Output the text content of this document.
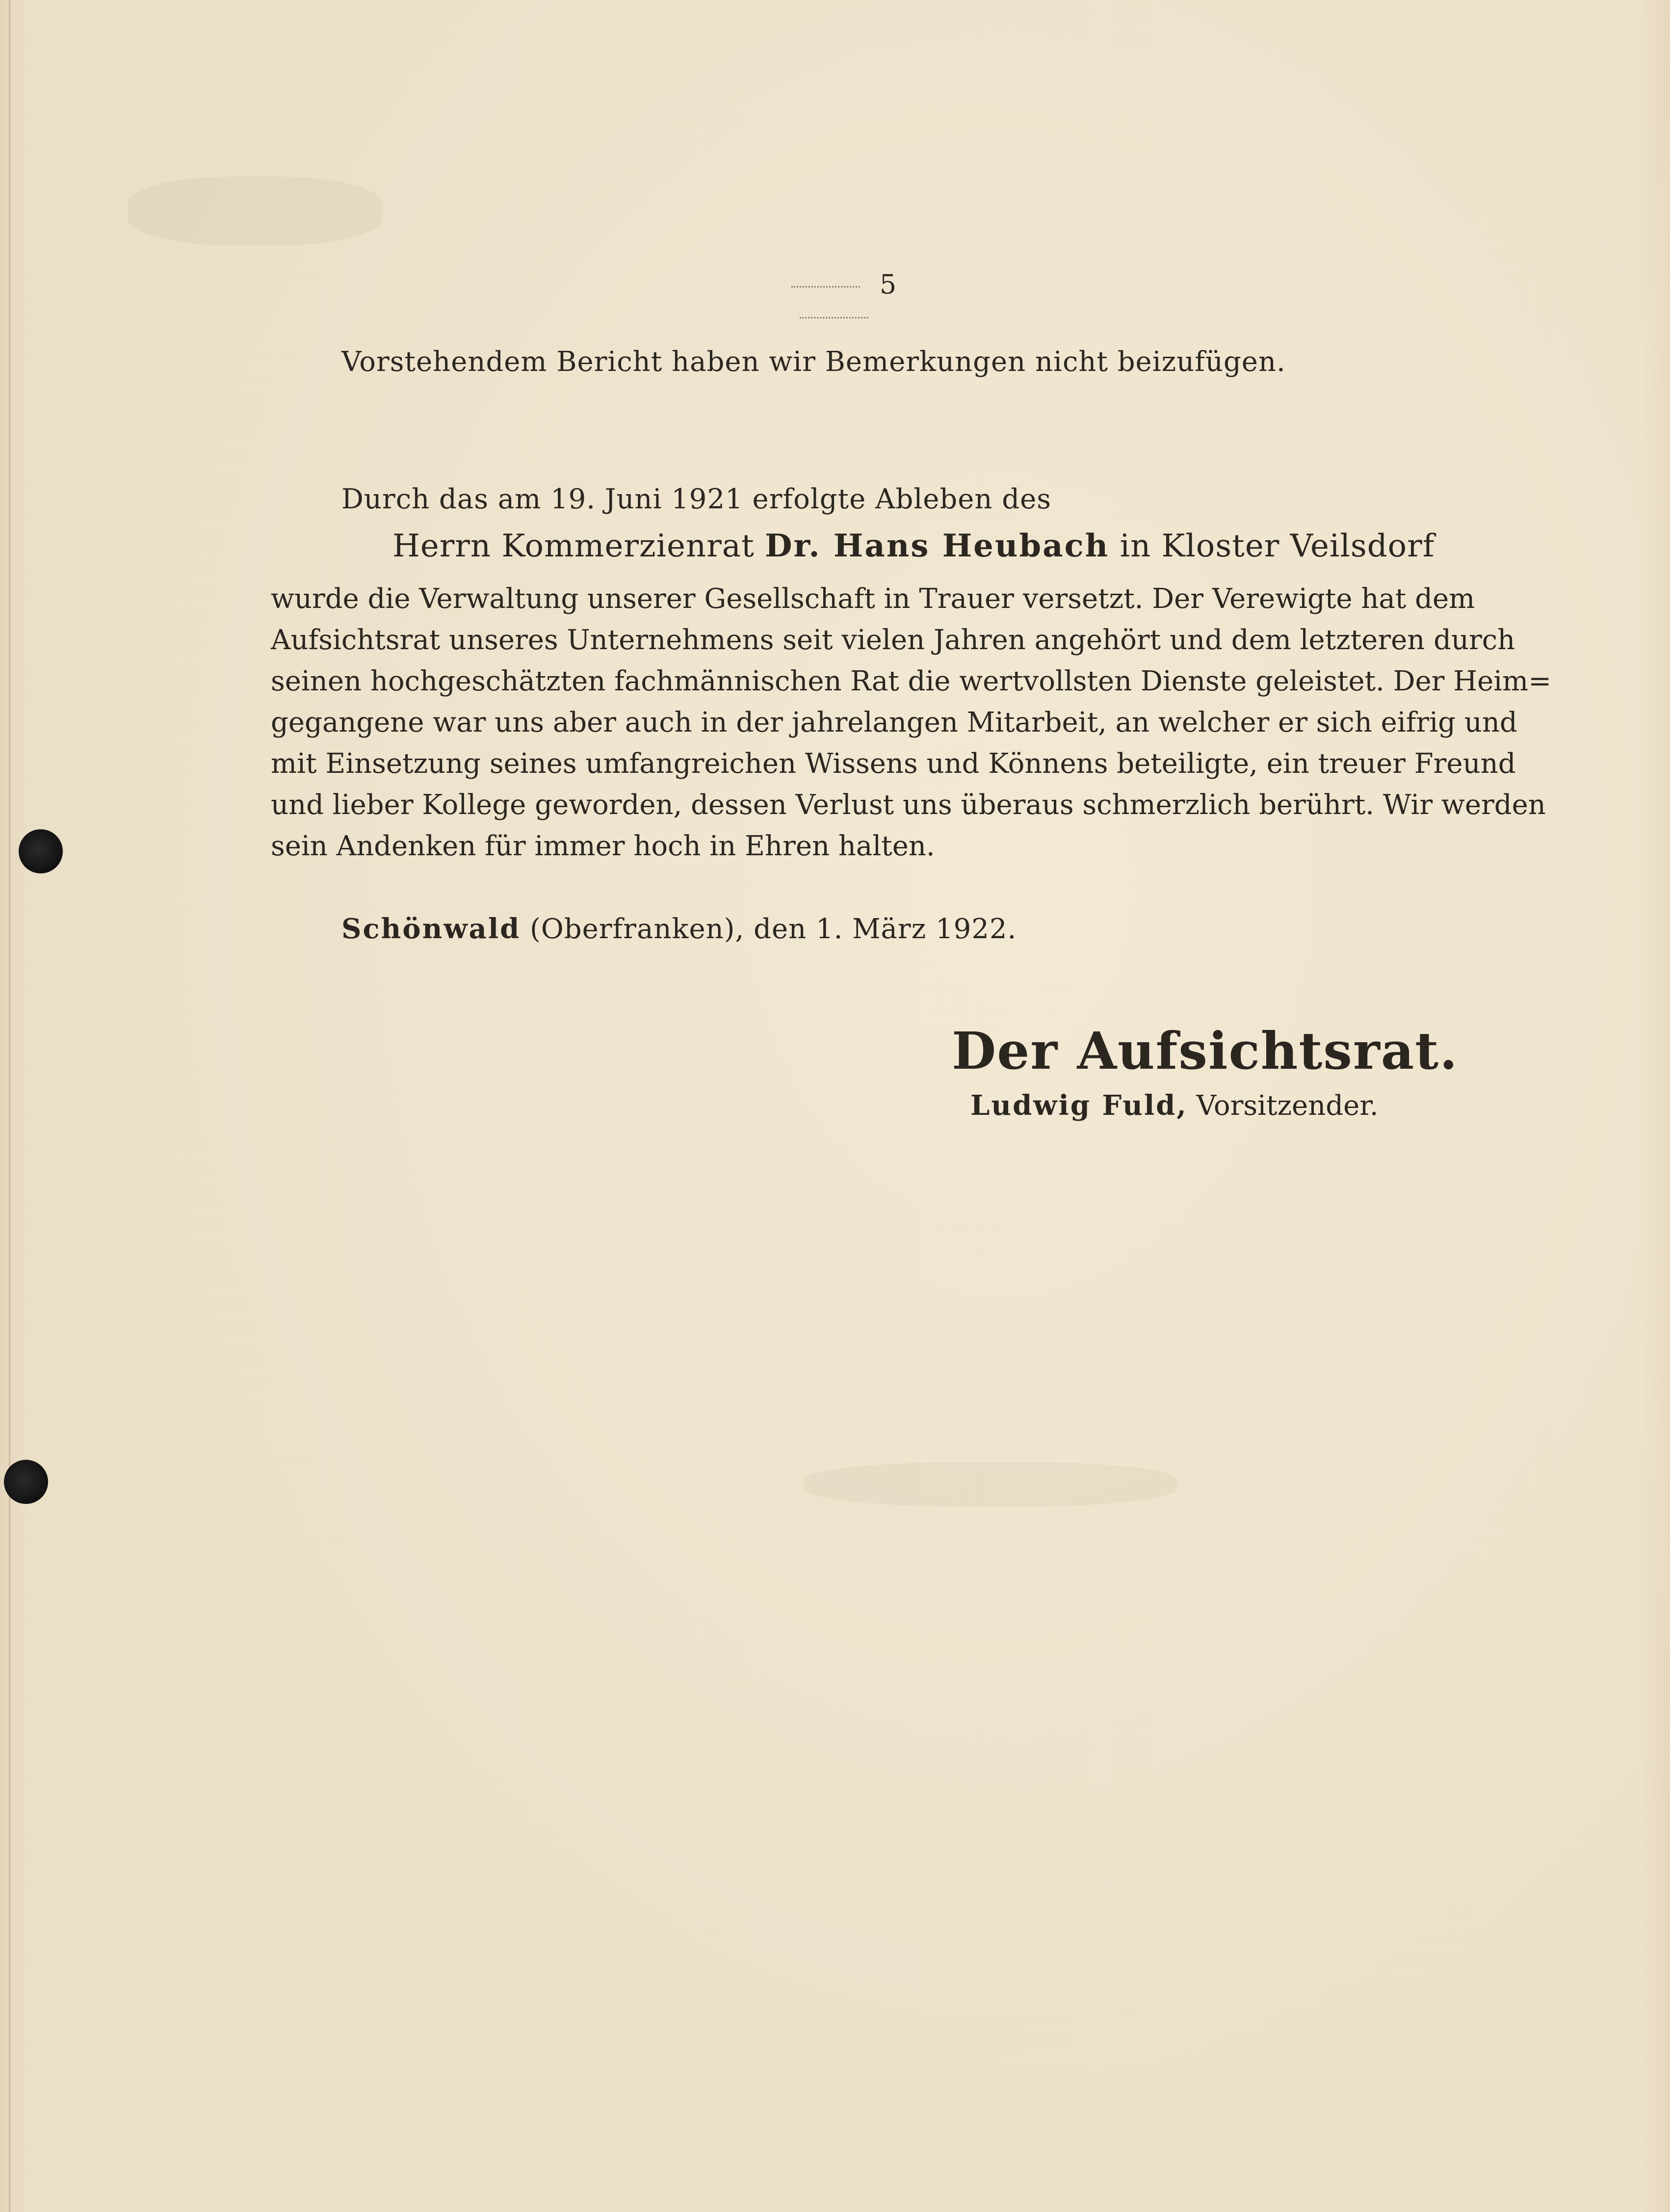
5
Vorstehendem Bericht haben wir Bemerkungen nicht beizufügen.
Durch das am 19. Juni 1921 erfolgte Ableben des
Herrn Kommerzienrat Dr. Hans Heubach in Kloster Veilsdorf
wurde die Verwaltung unserer Gesellschaft in Trauer versetzt. Der Verewigte hat dem
Aufsichtsrat unseres Unternehmens seit vielen Jahren angehört und dem letzteren durch
seinen hochgeschätzten fachmännischen Rat die wertvollsten Dienste geleistet. Der Heim=
gegangene war uns aber auch in der jahrelangen Mitarbeit, an welcher er sich eifrig und
mit Einsetzung seines umfangreichen Wissens und Könnens beteiligte, ein treuer Freund
und lieber Kollege geworden, dessen Verlust uns überaus schmerzlich berührt. Wir werden
sein Andenken für immer hoch in Ehren halten.
Schönwald (Oberfranken), den 1. März 1922.
Der Aufsichtsrat.
Ludwig Fuld, Vorsitzender.
